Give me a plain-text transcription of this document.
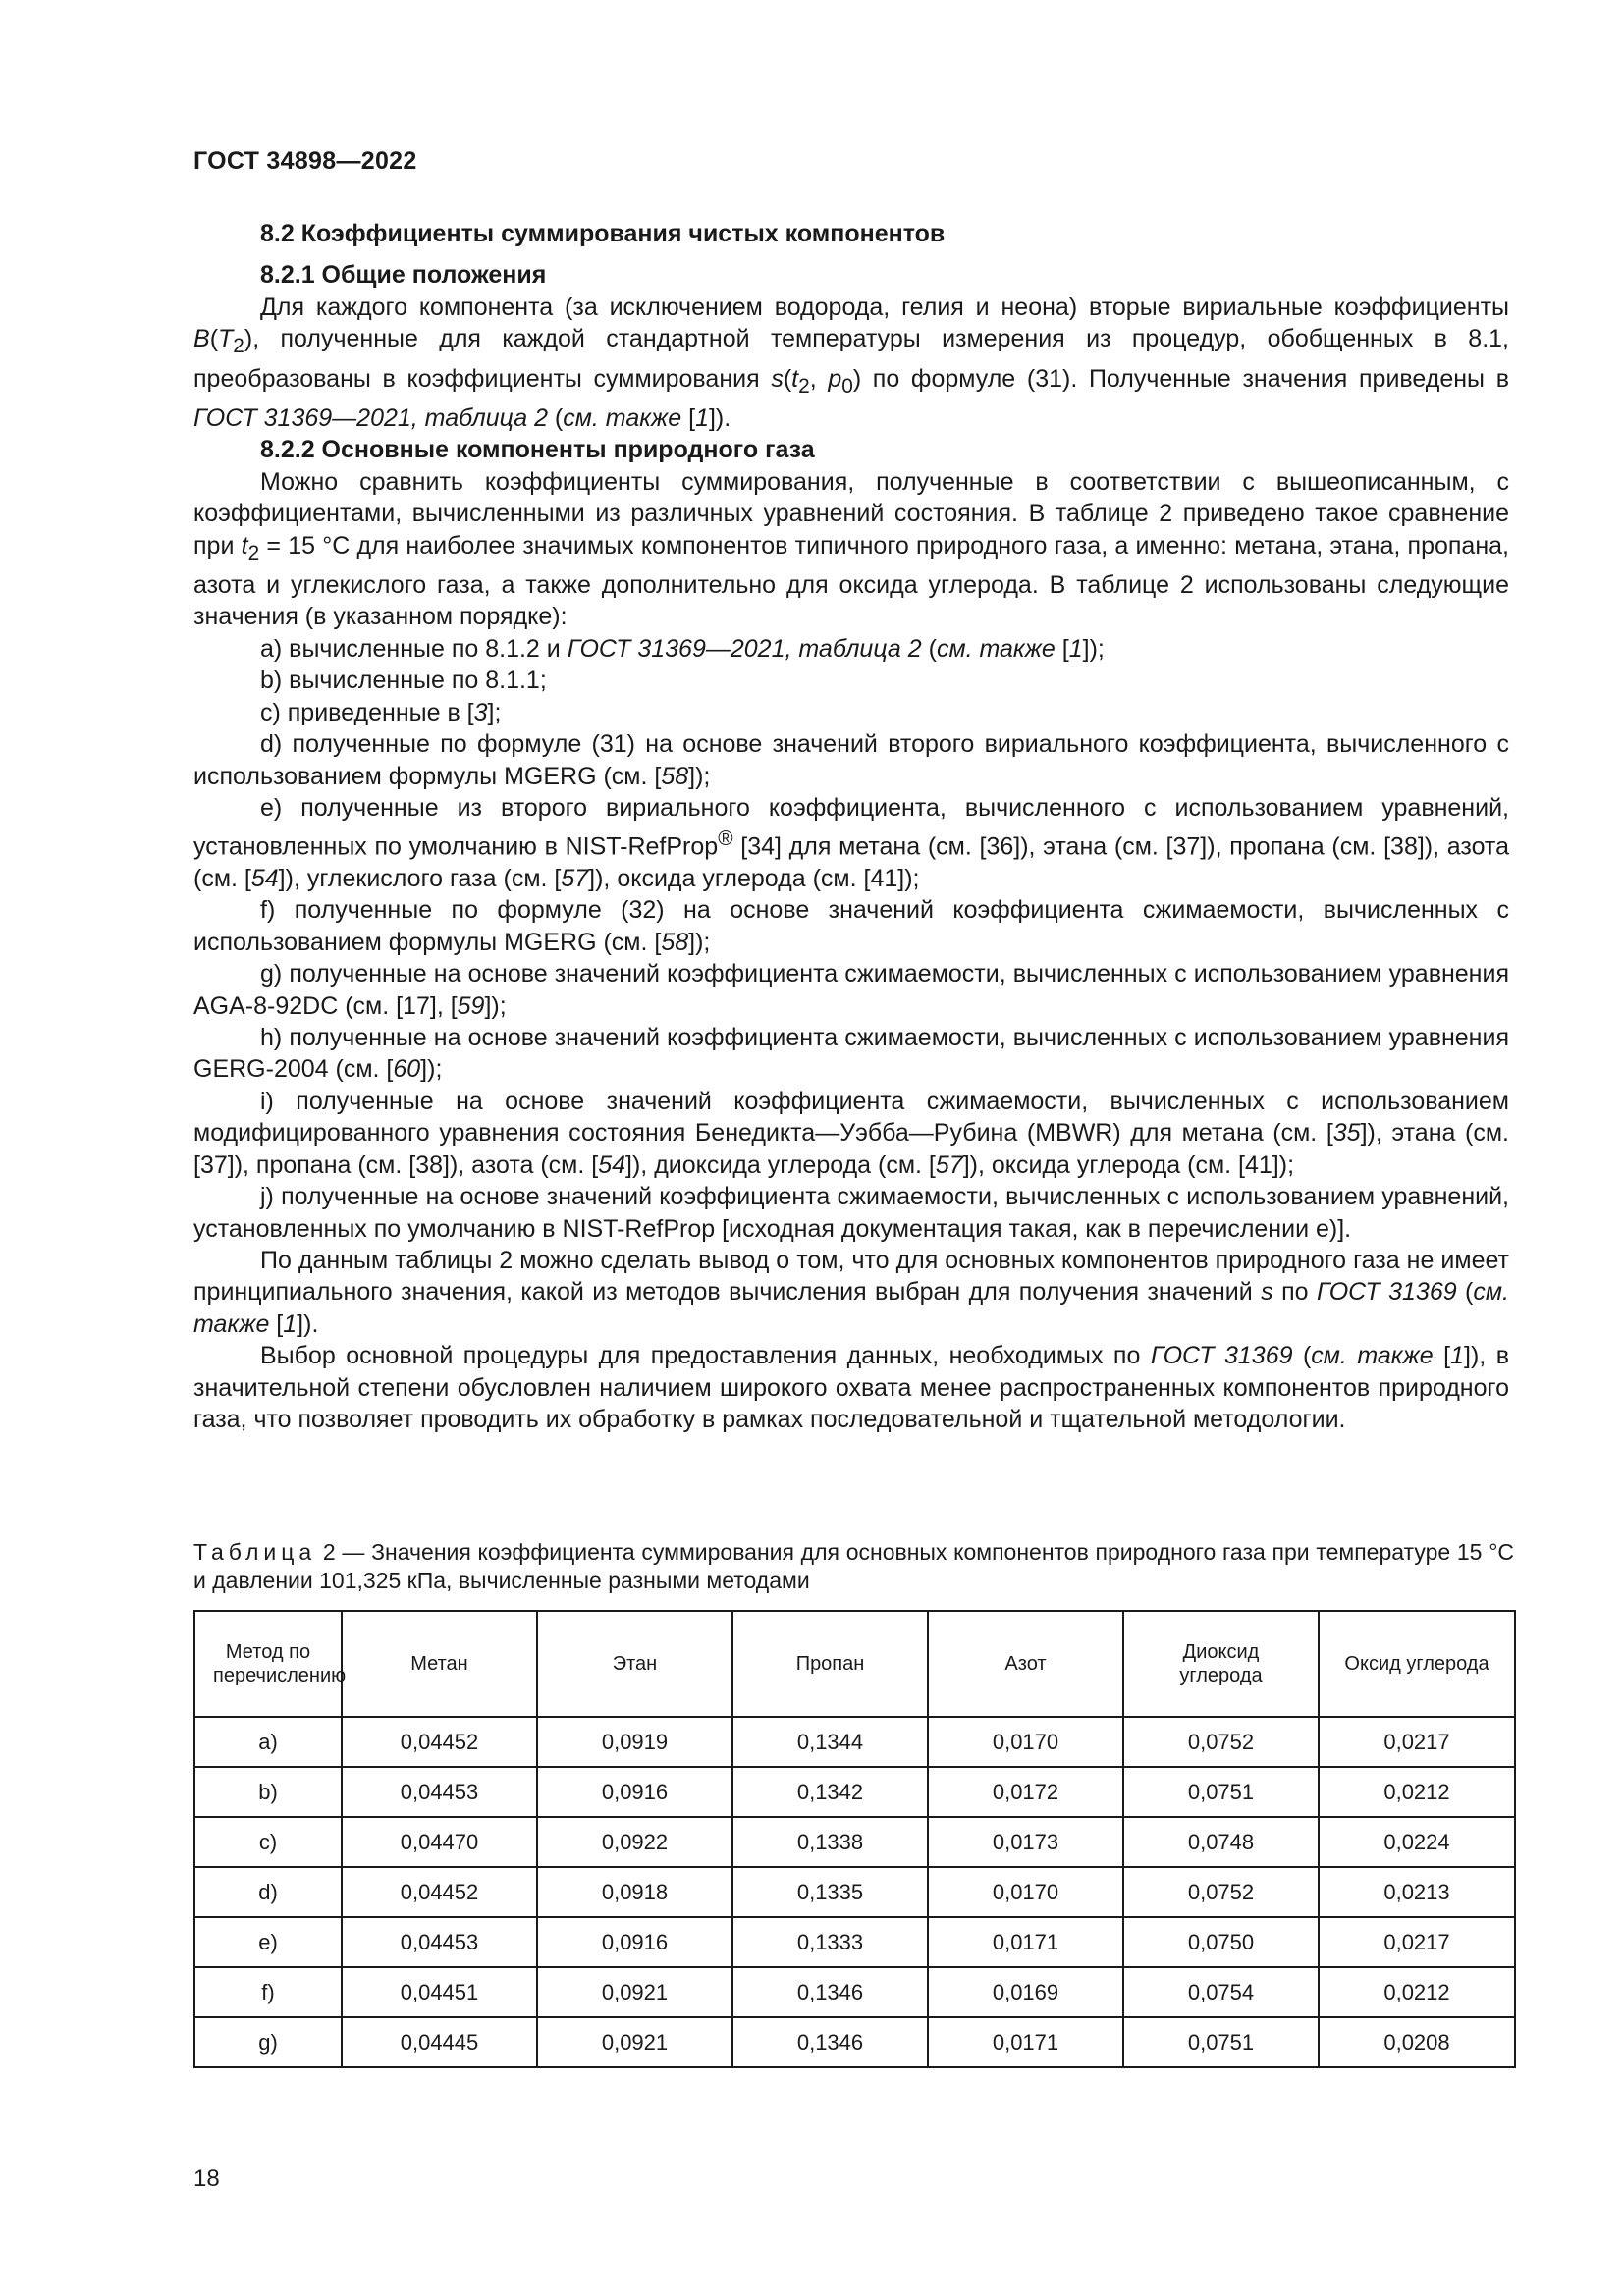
ГОСТ 34898—2022

8.2 Коэффициенты суммирования чистых компонентов

8.2.1 Общие положения

Для каждого компонента (за исключением водорода, гелия и неона) вторые вириальные коэффициенты $B(T_2)$, полученные для каждой стандартной температуры измерения из процедур, обобщенных в 8.1, преобразованы в коэффициенты суммирования $s(t_2$, $p_0$) по формуле (31). Полученные значения приведены в ГОСТ 31369—2021, таблица 2 (см. также [1]).

8.2.2 Основные компоненты природного газа

Можно сравнить коэффициенты суммирования, полученные в соответствии с вышеописанным, с коэффициентами, вычисленными из различных уравнений состояния. В таблице 2 приведено такое сравнение при $t_2 = 15$ °C для наиболее значимых компонентов типичного природного газа, а именно: метана, этана, пропана, азота и углекислого газа, а также дополнительно для оксида углерода. В таблице 2 использованы следующие значения (в указанном порядке):

a) вычисленные по 8.1.2 и ГОСТ 31369—2021, таблица 2 (см. также [1]);

b) вычисленные по 8.1.1;

c) приведенные в [3];

d) полученные по формуле (31) на основе значений второго вириального коэффициента, вычисленного с использованием формулы MGERG (см. [58]);

e) полученные из второго вириального коэффициента, вычисленного с использованием уравнений, установленных по умолчанию в NIST-RefProp® [34] для метана (см. [36]), этана (см. [37]), пропана (см. [38]), азота (см. [54]), углекислого газа (см. [57]), оксида углерода (см. [41]);

f) полученные по формуле (32) на основе значений коэффициента сжимаемости, вычисленных с использованием формулы MGERG (см. [58]);

g) полученные на основе значений коэффициента сжимаемости, вычисленных с использованием уравнения AGA-8-92DC (см. [17], [59]);

h) полученные на основе значений коэффициента сжимаемости, вычисленных с использованием уравнения GERG-2004 (см. [60]);

i) полученные на основе значений коэффициента сжимаемости, вычисленных с использованием модифицированного уравнения состояния Бенедикта—Уэбба—Рубина (MBWR) для метана (см. [35]), этана (см. [37]), пропана (см. [38]), азота (см. [54]), диоксида углерода (см. [57]), оксида углерода (см. [41]);

j) полученные на основе значений коэффициента сжимаемости, вычисленных с использованием уравнений, установленных по умолчанию в NIST-RefProp [исходная документация такая, как в перечислении e)].

По данным таблицы 2 можно сделать вывод о том, что для основных компонентов природного газа не имеет принципиального значения, какой из методов вычисления выбран для получения значений s по ГОСТ 31369 (см. также [1]).

Выбор основной процедуры для предоставления данных, необходимых по ГОСТ 31369 (см. также [1]), в значительной степени обусловлен наличием широкого охвата менее распространенных компонентов природного газа, что позволяет проводить их обработку в рамках последовательной и тщательной методологии.

Таблица 2 — Значения коэффициента суммирования для основных компонентов природного газа при температуре 15 °C и давлении 101,325 кПа, вычисленные разными методами
Метод по перечислению	Метан	Этан	Пропан	Азот	Диоксид углерода	Оксид углерода
a)	0,04452	0,0919	0,1344	0,0170	0,0752	0,0217
b)	0,04453	0,0916	0,1342	0,0172	0,0751	0,0212
c)	0,04470	0,0922	0,1338	0,0173	0,0748	0,0224
d)	0,04452	0,0918	0,1335	0,0170	0,0752	0,0213
e)	0,04453	0,0916	0,1333	0,0171	0,0750	0,0217
f)	0,04451	0,0921	0,1346	0,0169	0,0754	0,0212
g)	0,04445	0,0921	0,1346	0,0171	0,0751	0,0208
18
